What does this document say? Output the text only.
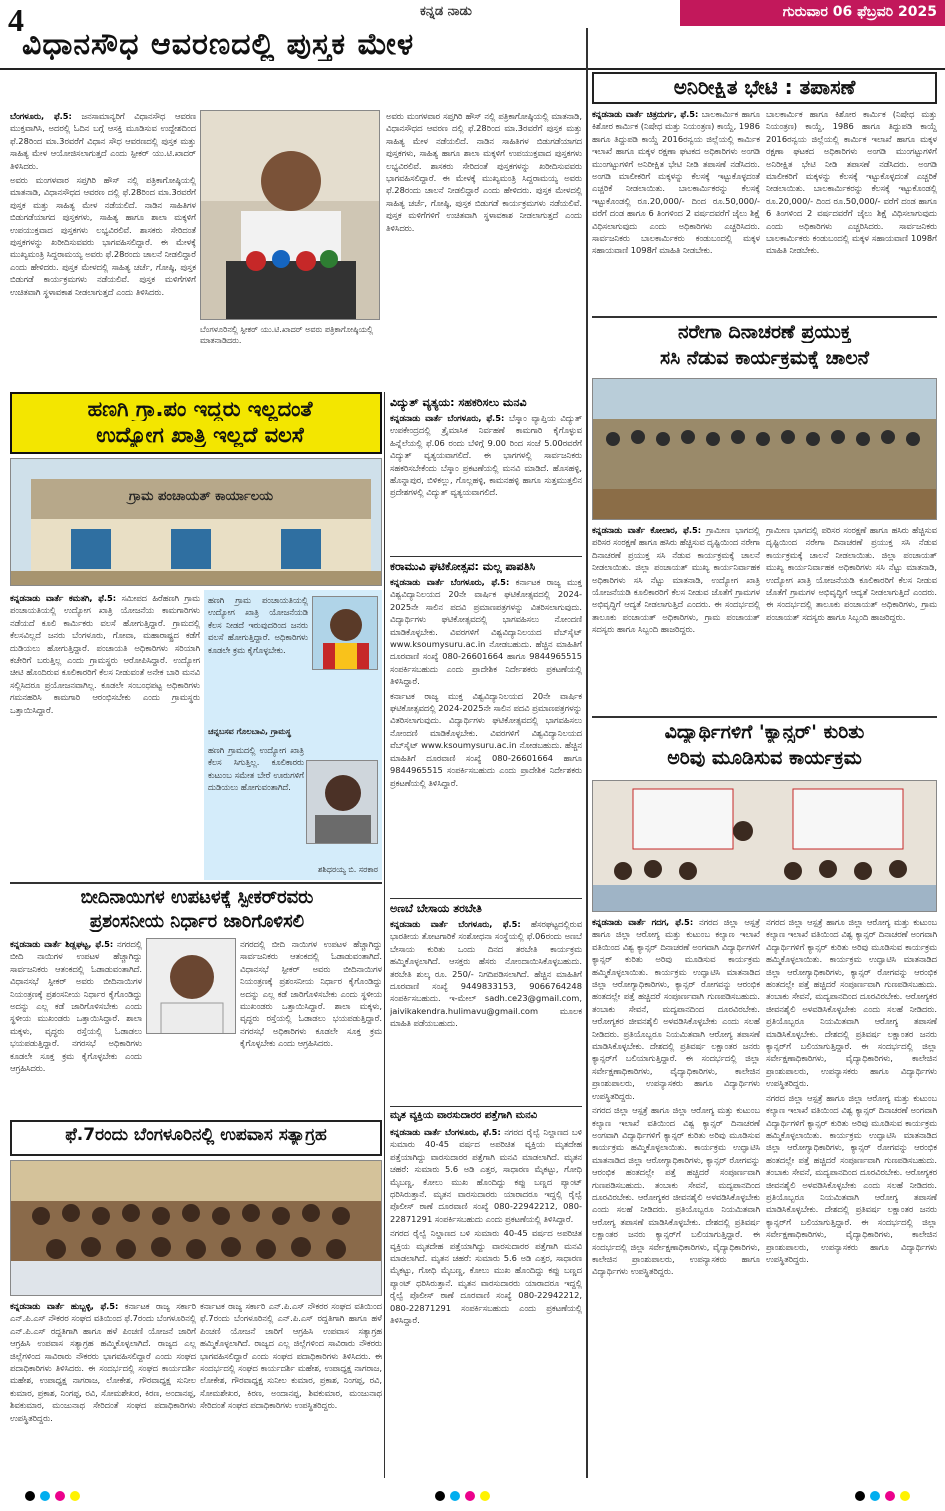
4	ಕನ್ನಡ ನಾಡು	ಗುರುವಾರ 06 ಫೆಬ್ರವರಿ 2025
ವಿಧಾನಸೌಧ ಆವರಣದಲ್ಲಿ ಪುಸ್ತಕ ಮೇಳ

ಬೆಂಗಳೂರು, ಫೆ.5: ಜನಸಾಮಾನ್ಯರಿಗೆ ವಿಧಾನಸೌಧ ಆವರಣ ಮುಕ್ತವಾಗಿಸಿ, ಅದರಲ್ಲಿ ಓದಿನ ಬಗ್ಗೆ ಆಸಕ್ತಿ ಮೂಡಿಸುವ ಉದ್ದೇಶದಿಂದ ಫೆ.28ರಿಂದ ಮಾ.3ರವರೆಗೆ ವಿಧಾನ ಸೌಧ ಆವರಣದಲ್ಲಿ ಪುಸ್ತಕ ಮತ್ತು ಸಾಹಿತ್ಯ ಮೇಳ ಆಯೋಜಿಸಲಾಗುತ್ತದೆ ಎಂದು ಸ್ಪೀಕರ್ ಯು.ಟಿ.ಖಾದರ್ ತಿಳಿಸಿದರು.

ಅವರು ಮಂಗಳವಾರ ಸಪ್ತಗಿರಿ ಹೌಸ್ ನಲ್ಲಿ ಪತ್ರಿಕಾಗೋಷ್ಠಿಯಲ್ಲಿ ಮಾತನಾಡಿ, ವಿಧಾನಸೌಧದ ಆವರಣ ದಲ್ಲಿ ಫೆ.28ರಿಂದ ಮಾ.3ರವರೆಗೆ ಪುಸ್ತಕ ಮತ್ತು ಸಾಹಿತ್ಯ ಮೇಳ ನಡೆಯಲಿದೆ. ನಾಡಿನ ಸಾಹಿತಿಗಳ ಬಿಡುಗಡೆಯಾಗದ ಪುಸ್ತಕಗಳು, ಸಾಹಿತ್ಯ ಹಾಗೂ ಶಾಲಾ ಮಕ್ಕಳಿಗೆ ಉಪಯುಕ್ತವಾದ ಪುಸ್ತಕಗಳು ಲಭ್ಯವಿರಲಿವೆ. ಶಾಸಕರು ಸೇರಿದಂತೆ ಪುಸ್ತಕಗಳನ್ನು ಖರೀದಿಸುವವರು ಭಾಗವಹಿಸಲಿದ್ದಾರೆ. ಈ ಮೇಳಕ್ಕೆ ಮುಖ್ಯಮಂತ್ರಿ ಸಿದ್ದರಾಮಯ್ಯ ಅವರು ಫೆ.28ರಂದು ಚಾಲನೆ ನೀಡಲಿದ್ದಾರೆ ಎಂದು ಹೇಳಿದರು. ಪುಸ್ತಕ ಮೇಳದಲ್ಲಿ ಸಾಹಿತ್ಯ ಚರ್ಚೆ, ಗೋಷ್ಠಿ, ಪುಸ್ತಕ ಬಿಡುಗಡೆ ಕಾರ್ಯಕ್ರಮಗಳು ನಡೆಯಲಿವೆ. ಪುಸ್ತಕ ಮಳಿಗೆಗಳಿಗೆ ಉಚಿತವಾಗಿ ಸ್ಥಳಾವಕಾಶ ನೀಡಲಾಗುತ್ತದೆ ಎಂದು ತಿಳಿಸಿದರು.

ಬೆಂಗಳೂರಿನಲ್ಲಿ ಸ್ಪೀಕರ್ ಯು.ಟಿ.ಖಾದರ್ ಅವರು ಪತ್ರಿಕಾಗೋಷ್ಠಿಯಲ್ಲಿ ಮಾತನಾಡಿದರು.

ಅವರು ಮಂಗಳವಾರ ಸಪ್ತಗಿರಿ ಹೌಸ್ ನಲ್ಲಿ ಪತ್ರಿಕಾಗೋಷ್ಠಿಯಲ್ಲಿ ಮಾತನಾಡಿ, ವಿಧಾನಸೌಧದ ಆವರಣ ದಲ್ಲಿ ಫೆ.28ರಿಂದ ಮಾ.3ರವರೆಗೆ ಪುಸ್ತಕ ಮತ್ತು ಸಾಹಿತ್ಯ ಮೇಳ ನಡೆಯಲಿದೆ. ನಾಡಿನ ಸಾಹಿತಿಗಳ ಬಿಡುಗಡೆಯಾಗದ ಪುಸ್ತಕಗಳು, ಸಾಹಿತ್ಯ ಹಾಗೂ ಶಾಲಾ ಮಕ್ಕಳಿಗೆ ಉಪಯುಕ್ತವಾದ ಪುಸ್ತಕಗಳು ಲಭ್ಯವಿರಲಿವೆ. ಶಾಸಕರು ಸೇರಿದಂತೆ ಪುಸ್ತಕಗಳನ್ನು ಖರೀದಿಸುವವರು ಭಾಗವಹಿಸಲಿದ್ದಾರೆ. ಈ ಮೇಳಕ್ಕೆ ಮುಖ್ಯಮಂತ್ರಿ ಸಿದ್ದರಾಮಯ್ಯ ಅವರು ಫೆ.28ರಂದು ಚಾಲನೆ ನೀಡಲಿದ್ದಾರೆ ಎಂದು ಹೇಳಿದರು. ಪುಸ್ತಕ ಮೇಳದಲ್ಲಿ ಸಾಹಿತ್ಯ ಚರ್ಚೆ, ಗೋಷ್ಠಿ, ಪುಸ್ತಕ ಬಿಡುಗಡೆ ಕಾರ್ಯಕ್ರಮಗಳು ನಡೆಯಲಿವೆ. ಪುಸ್ತಕ ಮಳಿಗೆಗಳಿಗೆ ಉಚಿತವಾಗಿ ಸ್ಥಳಾವಕಾಶ ನೀಡಲಾಗುತ್ತದೆ ಎಂದು ತಿಳಿಸಿದರು.

ಹಣಗಿ ಗ್ರಾ.ಪಂ ಇದ್ದರು ಇಲ್ಲದಂತೆ
ಉದ್ಯೋಗ ಖಾತ್ರಿ ಇಲ್ಲದೆ ವಲಸೆ
ಗ್ರಾಮ ಪಂಚಾಯತ್ ಕಾರ್ಯಾಲಯ

ಕನ್ನಡನಾಡು ವಾರ್ತೆ ಕಮತಗಿ, ಫೆ.5: ಸಮೀಪದ ಹಿರೆಹಣಗಿ ಗ್ರಾಮ ಪಂಚಾಯತಿಯಲ್ಲಿ ಉದ್ಯೋಗ ಖಾತ್ರಿ ಯೋಜನೆಯ ಕಾಮಗಾರಿಗಳು ನಡೆಯದೆ ಕೂಲಿ ಕಾರ್ಮಿಕರು ವಲಸೆ ಹೋಗುತ್ತಿದ್ದಾರೆ. ಗ್ರಾಮದಲ್ಲಿ ಕೆಲಸವಿಲ್ಲದೆ ಜನರು ಬೆಂಗಳೂರು, ಗೋವಾ, ಮಹಾರಾಷ್ಟ್ರದ ಕಡೆಗೆ ದುಡಿಯಲು ಹೋಗುತ್ತಿದ್ದಾರೆ. ಪಂಚಾಯತಿ ಅಧಿಕಾರಿಗಳು ಸರಿಯಾಗಿ ಕಚೇರಿಗೆ ಬರುತ್ತಿಲ್ಲ ಎಂದು ಗ್ರಾಮಸ್ಥರು ಆರೋಪಿಸಿದ್ದಾರೆ. ಉದ್ಯೋಗ ಚೀಟಿ ಹೊಂದಿರುವ ಕೂಲಿಕಾರರಿಗೆ ಕೆಲಸ ನೀಡುವಂತೆ ಅನೇಕ ಬಾರಿ ಮನವಿ ಸಲ್ಲಿಸಿದರೂ ಪ್ರಯೋಜನವಾಗಿಲ್ಲ. ಕೂಡಲೇ ಸಂಬಂಧಪಟ್ಟ ಅಧಿಕಾರಿಗಳು ಗಮನಹರಿಸಿ ಕಾಮಗಾರಿ ಆರಂಭಿಸಬೇಕು ಎಂದು ಗ್ರಾಮಸ್ಥರು ಒತ್ತಾಯಿಸಿದ್ದಾರೆ.

ಹಣಗಿ ಗ್ರಾಮ ಪಂಚಾಯತಿಯಲ್ಲಿ ಉದ್ಯೋಗ ಖಾತ್ರಿ ಯೋಜನೆಯಡಿ ಕೆಲಸ ನೀಡದೆ ಇರುವುದರಿಂದ ಜನರು ವಲಸೆ ಹೋಗುತ್ತಿದ್ದಾರೆ. ಅಧಿಕಾರಿಗಳು ಕೂಡಲೇ ಕ್ರಮ ಕೈಗೊಳ್ಳಬೇಕು.
ಚನ್ನಬಸವ ಗೊಲಬಾವಿ, ಗ್ರಾಮಸ್ಥ
ಹಣಗಿ ಗ್ರಾಮದಲ್ಲಿ ಉದ್ಯೋಗ ಖಾತ್ರಿ ಕೆಲಸ ಸಿಗುತ್ತಿಲ್ಲ. ಕೂಲಿಕಾರರು ಕುಟುಂಬ ಸಮೇತ ಬೇರೆ ಊರುಗಳಿಗೆ ದುಡಿಯಲು ಹೋಗುವಂತಾಗಿದೆ.
ಶಶಿಧರಯ್ಯ ಬಿ. ಸರಕಾರ
ಬೀದಿನಾಯಿಗಳ ಉಪಟಳಕ್ಕೆ ಸ್ಪೀಕರ್‌ರವರು
ಪ್ರಶಂಸನೀಯ ನಿರ್ಧಾರ ಜಾರಿಗೊಳಿಸಲಿ

ಕನ್ನಡನಾಡು ವಾರ್ತೆ ಶಿಡ್ಲಘಟ್ಟ, ಫೆ.5: ನಗರದಲ್ಲಿ ಬೀದಿ ನಾಯಿಗಳ ಉಪಟಳ ಹೆಚ್ಚಾಗಿದ್ದು ಸಾರ್ವಜನಿಕರು ಆತಂಕದಲ್ಲಿ ಓಡಾಡುವಂತಾಗಿದೆ. ವಿಧಾನಸಭೆ ಸ್ಪೀಕರ್ ಅವರು ಬೀದಿನಾಯಿಗಳ ನಿಯಂತ್ರಣಕ್ಕೆ ಪ್ರಶಂಸನೀಯ ನಿರ್ಧಾರ ಕೈಗೊಂಡಿದ್ದು ಅದನ್ನು ಎಲ್ಲ ಕಡೆ ಜಾರಿಗೊಳಿಸಬೇಕು ಎಂದು ಸ್ಥಳೀಯ ಮುಖಂಡರು ಒತ್ತಾಯಿಸಿದ್ದಾರೆ. ಶಾಲಾ ಮಕ್ಕಳು, ವೃದ್ಧರು ರಸ್ತೆಯಲ್ಲಿ ಓಡಾಡಲು ಭಯಪಡುತ್ತಿದ್ದಾರೆ. ನಗರಸಭೆ ಅಧಿಕಾರಿಗಳು ಕೂಡಲೇ ಸೂಕ್ತ ಕ್ರಮ ಕೈಗೊಳ್ಳಬೇಕು ಎಂದು ಆಗ್ರಹಿಸಿದರು.

ನಗರದಲ್ಲಿ ಬೀದಿ ನಾಯಿಗಳ ಉಪಟಳ ಹೆಚ್ಚಾಗಿದ್ದು ಸಾರ್ವಜನಿಕರು ಆತಂಕದಲ್ಲಿ ಓಡಾಡುವಂತಾಗಿದೆ. ವಿಧಾನಸಭೆ ಸ್ಪೀಕರ್ ಅವರು ಬೀದಿನಾಯಿಗಳ ನಿಯಂತ್ರಣಕ್ಕೆ ಪ್ರಶಂಸನೀಯ ನಿರ್ಧಾರ ಕೈಗೊಂಡಿದ್ದು ಅದನ್ನು ಎಲ್ಲ ಕಡೆ ಜಾರಿಗೊಳಿಸಬೇಕು ಎಂದು ಸ್ಥಳೀಯ ಮುಖಂಡರು ಒತ್ತಾಯಿಸಿದ್ದಾರೆ. ಶಾಲಾ ಮಕ್ಕಳು, ವೃದ್ಧರು ರಸ್ತೆಯಲ್ಲಿ ಓಡಾಡಲು ಭಯಪಡುತ್ತಿದ್ದಾರೆ. ನಗರಸಭೆ ಅಧಿಕಾರಿಗಳು ಕೂಡಲೇ ಸೂಕ್ತ ಕ್ರಮ ಕೈಗೊಳ್ಳಬೇಕು ಎಂದು ಆಗ್ರಹಿಸಿದರು.

ಫೆ.7ರಂದು ಬೆಂಗಳೂರಿನಲ್ಲಿ ಉಪವಾಸ ಸತ್ಯಾಗ್ರಹ

ಕನ್ನಡನಾಡು ವಾರ್ತೆ ಹುಬ್ಬಳ್ಳಿ, ಫೆ.5: ಕರ್ನಾಟಕ ರಾಜ್ಯ ಸರ್ಕಾರಿ ಎನ್.ಪಿ.ಎಸ್ ನೌಕರರ ಸಂಘದ ವತಿಯಿಂದ ಫೆ.7ರಂದು ಬೆಂಗಳೂರಿನಲ್ಲಿ ಎನ್.ಪಿ.ಎಸ್ ರದ್ದತಿಗಾಗಿ ಹಾಗೂ ಹಳೆ ಪಿಂಚಣಿ ಯೋಜನೆ ಜಾರಿಗೆ ಆಗ್ರಹಿಸಿ ಉಪವಾಸ ಸತ್ಯಾಗ್ರಹ ಹಮ್ಮಿಕೊಳ್ಳಲಾಗಿದೆ. ರಾಜ್ಯದ ಎಲ್ಲ ಜಿಲ್ಲೆಗಳಿಂದ ಸಾವಿರಾರು ನೌಕರರು ಭಾಗವಹಿಸಲಿದ್ದಾರೆ ಎಂದು ಸಂಘದ ಪದಾಧಿಕಾರಿಗಳು ತಿಳಿಸಿದರು. ಈ ಸಂದರ್ಭದಲ್ಲಿ ಸಂಘದ ಕಾರ್ಯದರ್ಶಿ ಮಹೇಶ, ಉಪಾಧ್ಯಕ್ಷ ನಾಗರಾಜ, ಲೋಕೇಶ, ಗೌರವಾಧ್ಯಕ್ಷ ಸುನೀಲ ಕುಮಾರ, ಪ್ರಕಾಶ, ನಿಂಗಪ್ಪ, ರವಿ, ಸೋಮಶೇಖರ, ಕಿರಣ, ಅಂದಾನಪ್ಪ, ಶಿವಕುಮಾರ, ಮಂಜುನಾಥ ಸೇರಿದಂತೆ ಸಂಘದ ಪದಾಧಿಕಾರಿಗಳು ಉಪಸ್ಥಿತರಿದ್ದರು.

ಕರ್ನಾಟಕ ರಾಜ್ಯ ಸರ್ಕಾರಿ ಎನ್.ಪಿ.ಎಸ್ ನೌಕರರ ಸಂಘದ ವತಿಯಿಂದ ಫೆ.7ರಂದು ಬೆಂಗಳೂರಿನಲ್ಲಿ ಎನ್.ಪಿ.ಎಸ್ ರದ್ದತಿಗಾಗಿ ಹಾಗೂ ಹಳೆ ಪಿಂಚಣಿ ಯೋಜನೆ ಜಾರಿಗೆ ಆಗ್ರಹಿಸಿ ಉಪವಾಸ ಸತ್ಯಾಗ್ರಹ ಹಮ್ಮಿಕೊಳ್ಳಲಾಗಿದೆ. ರಾಜ್ಯದ ಎಲ್ಲ ಜಿಲ್ಲೆಗಳಿಂದ ಸಾವಿರಾರು ನೌಕರರು ಭಾಗವಹಿಸಲಿದ್ದಾರೆ ಎಂದು ಸಂಘದ ಪದಾಧಿಕಾರಿಗಳು ತಿಳಿಸಿದರು. ಈ ಸಂದರ್ಭದಲ್ಲಿ ಸಂಘದ ಕಾರ್ಯದರ್ಶಿ ಮಹೇಶ, ಉಪಾಧ್ಯಕ್ಷ ನಾಗರಾಜ, ಲೋಕೇಶ, ಗೌರವಾಧ್ಯಕ್ಷ ಸುನೀಲ ಕುಮಾರ, ಪ್ರಕಾಶ, ನಿಂಗಪ್ಪ, ರವಿ, ಸೋಮಶೇಖರ, ಕಿರಣ, ಅಂದಾನಪ್ಪ, ಶಿವಕುಮಾರ, ಮಂಜುನಾಥ ಸೇರಿದಂತೆ ಸಂಘದ ಪದಾಧಿಕಾರಿಗಳು ಉಪಸ್ಥಿತರಿದ್ದರು.

ವಿದ್ಯುತ್ ವ್ಯತ್ಯಯ: ಸಹಕರಿಸಲು ಮನವಿ

ಕನ್ನಡನಾಡು ವಾರ್ತೆ ಬೆಂಗಳೂರು, ಫೆ.5: ಬೆಸ್ಕಾಂ ವ್ಯಾಪ್ತಿಯ ವಿದ್ಯುತ್ ಉಪಕೇಂದ್ರದಲ್ಲಿ ತ್ರೈಮಾಸಿಕ ನಿರ್ವಹಣೆ ಕಾಮಗಾರಿ ಕೈಗೊಳ್ಳುವ ಹಿನ್ನೆಲೆಯಲ್ಲಿ ಫೆ.06 ರಂದು ಬೆಳಿಗ್ಗೆ 9.00 ರಿಂದ ಸಂಜೆ 5.00ರವರೆಗೆ ವಿದ್ಯುತ್ ವ್ಯತ್ಯಯವಾಗಲಿದೆ. ಈ ಭಾಗಗಳಲ್ಲಿ ಸಾರ್ವಜನಿಕರು ಸಹಕರಿಸಬೇಕೆಂದು ಬೆಸ್ಕಾಂ ಪ್ರಕಟಣೆಯಲ್ಲಿ ಮನವಿ ಮಾಡಿದೆ. ಹೊಸಹಳ್ಳಿ, ಹೊನ್ನಾಪುರ, ಬಿಳಿಕಲ್ಲು, ಗೊಲ್ಲಹಳ್ಳಿ, ಕಾಮನಹಳ್ಳಿ ಹಾಗೂ ಸುತ್ತಮುತ್ತಲಿನ ಪ್ರದೇಶಗಳಲ್ಲಿ ವಿದ್ಯುತ್ ವ್ಯತ್ಯಯವಾಗಲಿದೆ.

ಕರಾಮುವಿ ಘಟಿಕೋತ್ಸವ: ಮಲ್ಲ ಪಾಪತಿಸಿ

ಕನ್ನಡನಾಡು ವಾರ್ತೆ ಬೆಂಗಳೂರು, ಫೆ.5: ಕರ್ನಾಟಕ ರಾಜ್ಯ ಮುಕ್ತ ವಿಶ್ವವಿದ್ಯಾನಿಲಯದ 20ನೇ ವಾರ್ಷಿಕ ಘಟಿಕೋತ್ಸವದಲ್ಲಿ 2024-2025ನೇ ಸಾಲಿನ ಪದವಿ ಪ್ರಮಾಣಪತ್ರಗಳನ್ನು ವಿತರಿಸಲಾಗುವುದು. ವಿದ್ಯಾರ್ಥಿಗಳು ಘಟಿಕೋತ್ಸವದಲ್ಲಿ ಭಾಗವಹಿಸಲು ನೋಂದಣಿ ಮಾಡಿಕೊಳ್ಳಬೇಕು. ವಿವರಗಳಿಗೆ ವಿಶ್ವವಿದ್ಯಾನಿಲಯದ ವೆಬ್‌ಸೈಟ್ www.ksoumysuru.ac.in ನೋಡಬಹುದು. ಹೆಚ್ಚಿನ ಮಾಹಿತಿಗೆ ದೂರವಾಣಿ ಸಂಖ್ಯೆ 080-26601664 ಹಾಗೂ 9844965515 ಸಂಪರ್ಕಿಸಬಹುದು ಎಂದು ಪ್ರಾದೇಶಿಕ ನಿರ್ದೇಶಕರು ಪ್ರಕಟಣೆಯಲ್ಲಿ ತಿಳಿಸಿದ್ದಾರೆ.

ಕರ್ನಾಟಕ ರಾಜ್ಯ ಮುಕ್ತ ವಿಶ್ವವಿದ್ಯಾನಿಲಯದ 20ನೇ ವಾರ್ಷಿಕ ಘಟಿಕೋತ್ಸವದಲ್ಲಿ 2024-2025ನೇ ಸಾಲಿನ ಪದವಿ ಪ್ರಮಾಣಪತ್ರಗಳನ್ನು ವಿತರಿಸಲಾಗುವುದು. ವಿದ್ಯಾರ್ಥಿಗಳು ಘಟಿಕೋತ್ಸವದಲ್ಲಿ ಭಾಗವಹಿಸಲು ನೋಂದಣಿ ಮಾಡಿಕೊಳ್ಳಬೇಕು. ವಿವರಗಳಿಗೆ ವಿಶ್ವವಿದ್ಯಾನಿಲಯದ ವೆಬ್‌ಸೈಟ್ www.ksoumysuru.ac.in ನೋಡಬಹುದು. ಹೆಚ್ಚಿನ ಮಾಹಿತಿಗೆ ದೂರವಾಣಿ ಸಂಖ್ಯೆ 080-26601664 ಹಾಗೂ 9844965515 ಸಂಪರ್ಕಿಸಬಹುದು ಎಂದು ಪ್ರಾದೇಶಿಕ ನಿರ್ದೇಶಕರು ಪ್ರಕಟಣೆಯಲ್ಲಿ ತಿಳಿಸಿದ್ದಾರೆ.

ಅಣಬೆ ಬೇಸಾಯ ತರಬೇತಿ

ಕನ್ನಡನಾಡು ವಾರ್ತೆ ಬೆಂಗಳೂರು, ಫೆ.5: ಹೆಸರಘಟ್ಟದಲ್ಲಿರುವ ಭಾರತೀಯ ತೋಟಗಾರಿಕೆ ಸಂಶೋಧನಾ ಸಂಸ್ಥೆಯಲ್ಲಿ ಫೆ.06ರಂದು ಅಣಬೆ ಬೇಸಾಯ ಕುರಿತು ಒಂದು ದಿನದ ತರಬೇತಿ ಕಾರ್ಯಕ್ರಮ ಹಮ್ಮಿಕೊಳ್ಳಲಾಗಿದೆ. ಆಸಕ್ತರು ಹೆಸರು ನೋಂದಾಯಿಸಿಕೊಳ್ಳಬಹುದು. ತರಬೇತಿ ಶುಲ್ಕ ರೂ. 250/- ನಿಗದಿಪಡಿಸಲಾಗಿದೆ. ಹೆಚ್ಚಿನ ಮಾಹಿತಿಗೆ ದೂರವಾಣಿ ಸಂಖ್ಯೆ 9449833153, 9066764248 ಸಂಪರ್ಕಿಸಬಹುದು. ಇ-ಮೇಲ್ sadh.ce23@gmail.com, jaivikakendra.hulimavu@gmail.com ಮೂಲಕ ಮಾಹಿತಿ ಪಡೆಯಬಹುದು.

ಮೃತ ವ್ಯಕ್ತಿಯ ವಾರಸುದಾರರ ಪತ್ತೆಗಾಗಿ ಮನವಿ

ಕನ್ನಡನಾಡು ವಾರ್ತೆ ಬೆಂಗಳೂರು, ಫೆ.5: ನಗರದ ರೈಲ್ವೆ ನಿಲ್ದಾಣದ ಬಳಿ ಸುಮಾರು 40-45 ವರ್ಷದ ಅಪರಿಚಿತ ವ್ಯಕ್ತಿಯ ಮೃತದೇಹ ಪತ್ತೆಯಾಗಿದ್ದು ವಾರಸುದಾರರ ಪತ್ತೆಗಾಗಿ ಮನವಿ ಮಾಡಲಾಗಿದೆ. ಮೃತನ ಚಹರೆ: ಸುಮಾರು 5.6 ಅಡಿ ಎತ್ತರ, ಸಾಧಾರಣ ಮೈಕಟ್ಟು, ಗೋಧಿ ಮೈಬಣ್ಣ, ಕೋಲು ಮುಖ ಹೊಂದಿದ್ದು ಕಪ್ಪು ಬಣ್ಣದ ಪ್ಯಾಂಟ್ ಧರಿಸಿರುತ್ತಾನೆ. ಮೃತನ ವಾರಸುದಾರರು ಯಾರಾದರೂ ಇದ್ದಲ್ಲಿ ರೈಲ್ವೆ ಪೊಲೀಸ್ ಠಾಣೆ ದೂರವಾಣಿ ಸಂಖ್ಯೆ 080-22942212, 080-22871291 ಸಂಪರ್ಕಿಸಬಹುದು ಎಂದು ಪ್ರಕಟಣೆಯಲ್ಲಿ ತಿಳಿಸಿದ್ದಾರೆ.

ನಗರದ ರೈಲ್ವೆ ನಿಲ್ದಾಣದ ಬಳಿ ಸುಮಾರು 40-45 ವರ್ಷದ ಅಪರಿಚಿತ ವ್ಯಕ್ತಿಯ ಮೃತದೇಹ ಪತ್ತೆಯಾಗಿದ್ದು ವಾರಸುದಾರರ ಪತ್ತೆಗಾಗಿ ಮನವಿ ಮಾಡಲಾಗಿದೆ. ಮೃತನ ಚಹರೆ: ಸುಮಾರು 5.6 ಅಡಿ ಎತ್ತರ, ಸಾಧಾರಣ ಮೈಕಟ್ಟು, ಗೋಧಿ ಮೈಬಣ್ಣ, ಕೋಲು ಮುಖ ಹೊಂದಿದ್ದು ಕಪ್ಪು ಬಣ್ಣದ ಪ್ಯಾಂಟ್ ಧರಿಸಿರುತ್ತಾನೆ. ಮೃತನ ವಾರಸುದಾರರು ಯಾರಾದರೂ ಇದ್ದಲ್ಲಿ ರೈಲ್ವೆ ಪೊಲೀಸ್ ಠಾಣೆ ದೂರವಾಣಿ ಸಂಖ್ಯೆ 080-22942212, 080-22871291 ಸಂಪರ್ಕಿಸಬಹುದು ಎಂದು ಪ್ರಕಟಣೆಯಲ್ಲಿ ತಿಳಿಸಿದ್ದಾರೆ.

ಅನಿರೀಕ್ಷಿತ ಭೇಟಿ : ತಪಾಸಣೆ

ಕನ್ನಡನಾಡು ವಾರ್ತೆ ಚಿತ್ರದುರ್ಗ, ಫೆ.5: ಬಾಲಕಾರ್ಮಿಕ ಹಾಗೂ ಕಿಶೋರ ಕಾರ್ಮಿಕ (ನಿಷೇಧ ಮತ್ತು ನಿಯಂತ್ರಣ) ಕಾಯ್ದೆ, 1986 ಹಾಗೂ ತಿದ್ದುಪಡಿ ಕಾಯ್ದೆ 2016ರನ್ವಯ ಜಿಲ್ಲೆಯಲ್ಲಿ ಕಾರ್ಮಿಕ ಇಲಾಖೆ ಹಾಗೂ ಮಕ್ಕಳ ರಕ್ಷಣಾ ಘಟಕದ ಅಧಿಕಾರಿಗಳು ಅಂಗಡಿ ಮುಂಗಟ್ಟುಗಳಿಗೆ ಅನಿರೀಕ್ಷಿತ ಭೇಟಿ ನೀಡಿ ತಪಾಸಣೆ ನಡೆಸಿದರು. ಅಂಗಡಿ ಮಾಲೀಕರಿಗೆ ಮಕ್ಕಳನ್ನು ಕೆಲಸಕ್ಕೆ ಇಟ್ಟುಕೊಳ್ಳದಂತೆ ಎಚ್ಚರಿಕೆ ನೀಡಲಾಯಿತು. ಬಾಲಕಾರ್ಮಿಕರನ್ನು ಕೆಲಸಕ್ಕೆ ಇಟ್ಟುಕೊಂಡಲ್ಲಿ ರೂ.20,000/- ದಿಂದ ರೂ.50,000/- ವರೆಗೆ ದಂಡ ಹಾಗೂ 6 ತಿಂಗಳಿಂದ 2 ವರ್ಷದವರೆಗೆ ಜೈಲು ಶಿಕ್ಷೆ ವಿಧಿಸಲಾಗುವುದು ಎಂದು ಅಧಿಕಾರಿಗಳು ಎಚ್ಚರಿಸಿದರು. ಸಾರ್ವಜನಿಕರು ಬಾಲಕಾರ್ಮಿಕರು ಕಂಡುಬಂದಲ್ಲಿ ಮಕ್ಕಳ ಸಹಾಯವಾಣಿ 1098ಗೆ ಮಾಹಿತಿ ನೀಡಬೇಕು.

ಬಾಲಕಾರ್ಮಿಕ ಹಾಗೂ ಕಿಶೋರ ಕಾರ್ಮಿಕ (ನಿಷೇಧ ಮತ್ತು ನಿಯಂತ್ರಣ) ಕಾಯ್ದೆ, 1986 ಹಾಗೂ ತಿದ್ದುಪಡಿ ಕಾಯ್ದೆ 2016ರನ್ವಯ ಜಿಲ್ಲೆಯಲ್ಲಿ ಕಾರ್ಮಿಕ ಇಲಾಖೆ ಹಾಗೂ ಮಕ್ಕಳ ರಕ್ಷಣಾ ಘಟಕದ ಅಧಿಕಾರಿಗಳು ಅಂಗಡಿ ಮುಂಗಟ್ಟುಗಳಿಗೆ ಅನಿರೀಕ್ಷಿತ ಭೇಟಿ ನೀಡಿ ತಪಾಸಣೆ ನಡೆಸಿದರು. ಅಂಗಡಿ ಮಾಲೀಕರಿಗೆ ಮಕ್ಕಳನ್ನು ಕೆಲಸಕ್ಕೆ ಇಟ್ಟುಕೊಳ್ಳದಂತೆ ಎಚ್ಚರಿಕೆ ನೀಡಲಾಯಿತು. ಬಾಲಕಾರ್ಮಿಕರನ್ನು ಕೆಲಸಕ್ಕೆ ಇಟ್ಟುಕೊಂಡಲ್ಲಿ ರೂ.20,000/- ದಿಂದ ರೂ.50,000/- ವರೆಗೆ ದಂಡ ಹಾಗೂ 6 ತಿಂಗಳಿಂದ 2 ವರ್ಷದವರೆಗೆ ಜೈಲು ಶಿಕ್ಷೆ ವಿಧಿಸಲಾಗುವುದು ಎಂದು ಅಧಿಕಾರಿಗಳು ಎಚ್ಚರಿಸಿದರು. ಸಾರ್ವಜನಿಕರು ಬಾಲಕಾರ್ಮಿಕರು ಕಂಡುಬಂದಲ್ಲಿ ಮಕ್ಕಳ ಸಹಾಯವಾಣಿ 1098ಗೆ ಮಾಹಿತಿ ನೀಡಬೇಕು.

ನರೇಗಾ ದಿನಾಚರಣೆ ಪ್ರಯುಕ್ತ
ಸಸಿ ನೆಡುವ ಕಾರ್ಯಕ್ರಮಕ್ಕೆ ಚಾಲನೆ

ಕನ್ನಡನಾಡು ವಾರ್ತೆ ಕೋಲಾರ, ಫೆ.5: ಗ್ರಾಮೀಣ ಭಾಗದಲ್ಲಿ ಪರಿಸರ ಸಂರಕ್ಷಣೆ ಹಾಗೂ ಹಸಿರು ಹೆಚ್ಚಿಸುವ ದೃಷ್ಟಿಯಿಂದ ನರೇಗಾ ದಿನಾಚರಣೆ ಪ್ರಯುಕ್ತ ಸಸಿ ನೆಡುವ ಕಾರ್ಯಕ್ರಮಕ್ಕೆ ಚಾಲನೆ ನೀಡಲಾಯಿತು. ಜಿಲ್ಲಾ ಪಂಚಾಯತ್ ಮುಖ್ಯ ಕಾರ್ಯನಿರ್ವಾಹಕ ಅಧಿಕಾರಿಗಳು ಸಸಿ ನೆಟ್ಟು ಮಾತನಾಡಿ, ಉದ್ಯೋಗ ಖಾತ್ರಿ ಯೋಜನೆಯಡಿ ಕೂಲಿಕಾರರಿಗೆ ಕೆಲಸ ನೀಡುವ ಜೊತೆಗೆ ಗ್ರಾಮಗಳ ಅಭಿವೃದ್ಧಿಗೆ ಆದ್ಯತೆ ನೀಡಲಾಗುತ್ತಿದೆ ಎಂದರು. ಈ ಸಂದರ್ಭದಲ್ಲಿ ತಾಲೂಕು ಪಂಚಾಯತ್ ಅಧಿಕಾರಿಗಳು, ಗ್ರಾಮ ಪಂಚಾಯತ್ ಸದಸ್ಯರು ಹಾಗೂ ಸಿಬ್ಬಂದಿ ಹಾಜರಿದ್ದರು.

ಗ್ರಾಮೀಣ ಭಾಗದಲ್ಲಿ ಪರಿಸರ ಸಂರಕ್ಷಣೆ ಹಾಗೂ ಹಸಿರು ಹೆಚ್ಚಿಸುವ ದೃಷ್ಟಿಯಿಂದ ನರೇಗಾ ದಿನಾಚರಣೆ ಪ್ರಯುಕ್ತ ಸಸಿ ನೆಡುವ ಕಾರ್ಯಕ್ರಮಕ್ಕೆ ಚಾಲನೆ ನೀಡಲಾಯಿತು. ಜಿಲ್ಲಾ ಪಂಚಾಯತ್ ಮುಖ್ಯ ಕಾರ್ಯನಿರ್ವಾಹಕ ಅಧಿಕಾರಿಗಳು ಸಸಿ ನೆಟ್ಟು ಮಾತನಾಡಿ, ಉದ್ಯೋಗ ಖಾತ್ರಿ ಯೋಜನೆಯಡಿ ಕೂಲಿಕಾರರಿಗೆ ಕೆಲಸ ನೀಡುವ ಜೊತೆಗೆ ಗ್ರಾಮಗಳ ಅಭಿವೃದ್ಧಿಗೆ ಆದ್ಯತೆ ನೀಡಲಾಗುತ್ತಿದೆ ಎಂದರು. ಈ ಸಂದರ್ಭದಲ್ಲಿ ತಾಲೂಕು ಪಂಚಾಯತ್ ಅಧಿಕಾರಿಗಳು, ಗ್ರಾಮ ಪಂಚಾಯತ್ ಸದಸ್ಯರು ಹಾಗೂ ಸಿಬ್ಬಂದಿ ಹಾಜರಿದ್ದರು.

ವಿದ್ಯಾರ್ಥಿಗಳಿಗೆ 'ಕ್ಯಾನ್ಸರ್' ಕುರಿತು
ಅರಿವು ಮೂಡಿಸುವ ಕಾರ್ಯಕ್ರಮ

ಕನ್ನಡನಾಡು ವಾರ್ತೆ ಗದಗ, ಫೆ.5: ನಗರದ ಜಿಲ್ಲಾ ಆಸ್ಪತ್ರೆ ಹಾಗೂ ಜಿಲ್ಲಾ ಆರೋಗ್ಯ ಮತ್ತು ಕುಟುಂಬ ಕಲ್ಯಾಣ ಇಲಾಖೆ ವತಿಯಿಂದ ವಿಶ್ವ ಕ್ಯಾನ್ಸರ್ ದಿನಾಚರಣೆ ಅಂಗವಾಗಿ ವಿದ್ಯಾರ್ಥಿಗಳಿಗೆ ಕ್ಯಾನ್ಸರ್ ಕುರಿತು ಅರಿವು ಮೂಡಿಸುವ ಕಾರ್ಯಕ್ರಮ ಹಮ್ಮಿಕೊಳ್ಳಲಾಯಿತು. ಕಾರ್ಯಕ್ರಮ ಉದ್ಘಾಟಿಸಿ ಮಾತನಾಡಿದ ಜಿಲ್ಲಾ ಆರೋಗ್ಯಾಧಿಕಾರಿಗಳು, ಕ್ಯಾನ್ಸರ್ ರೋಗವನ್ನು ಆರಂಭಿಕ ಹಂತದಲ್ಲೇ ಪತ್ತೆ ಹಚ್ಚಿದರೆ ಸಂಪೂರ್ಣವಾಗಿ ಗುಣಪಡಿಸಬಹುದು. ತಂಬಾಕು ಸೇವನೆ, ಮದ್ಯಪಾನದಿಂದ ದೂರವಿರಬೇಕು. ಆರೋಗ್ಯಕರ ಜೀವನಶೈಲಿ ಅಳವಡಿಸಿಕೊಳ್ಳಬೇಕು ಎಂದು ಸಲಹೆ ನೀಡಿದರು. ಪ್ರತಿಯೊಬ್ಬರೂ ನಿಯಮಿತವಾಗಿ ಆರೋಗ್ಯ ತಪಾಸಣೆ ಮಾಡಿಸಿಕೊಳ್ಳಬೇಕು. ದೇಶದಲ್ಲಿ ಪ್ರತಿವರ್ಷ ಲಕ್ಷಾಂತರ ಜನರು ಕ್ಯಾನ್ಸರ್‌ಗೆ ಬಲಿಯಾಗುತ್ತಿದ್ದಾರೆ. ಈ ಸಂದರ್ಭದಲ್ಲಿ ಜಿಲ್ಲಾ ಸರ್ವೇಕ್ಷಣಾಧಿಕಾರಿಗಳು, ವೈದ್ಯಾಧಿಕಾರಿಗಳು, ಕಾಲೇಜಿನ ಪ್ರಾಂಶುಪಾಲರು, ಉಪನ್ಯಾಸಕರು ಹಾಗೂ ವಿದ್ಯಾರ್ಥಿಗಳು ಉಪಸ್ಥಿತರಿದ್ದರು.

ನಗರದ ಜಿಲ್ಲಾ ಆಸ್ಪತ್ರೆ ಹಾಗೂ ಜಿಲ್ಲಾ ಆರೋಗ್ಯ ಮತ್ತು ಕುಟುಂಬ ಕಲ್ಯಾಣ ಇಲಾಖೆ ವತಿಯಿಂದ ವಿಶ್ವ ಕ್ಯಾನ್ಸರ್ ದಿನಾಚರಣೆ ಅಂಗವಾಗಿ ವಿದ್ಯಾರ್ಥಿಗಳಿಗೆ ಕ್ಯಾನ್ಸರ್ ಕುರಿತು ಅರಿವು ಮೂಡಿಸುವ ಕಾರ್ಯಕ್ರಮ ಹಮ್ಮಿಕೊಳ್ಳಲಾಯಿತು. ಕಾರ್ಯಕ್ರಮ ಉದ್ಘಾಟಿಸಿ ಮಾತನಾಡಿದ ಜಿಲ್ಲಾ ಆರೋಗ್ಯಾಧಿಕಾರಿಗಳು, ಕ್ಯಾನ್ಸರ್ ರೋಗವನ್ನು ಆರಂಭಿಕ ಹಂತದಲ್ಲೇ ಪತ್ತೆ ಹಚ್ಚಿದರೆ ಸಂಪೂರ್ಣವಾಗಿ ಗುಣಪಡಿಸಬಹುದು. ತಂಬಾಕು ಸೇವನೆ, ಮದ್ಯಪಾನದಿಂದ ದೂರವಿರಬೇಕು. ಆರೋಗ್ಯಕರ ಜೀವನಶೈಲಿ ಅಳವಡಿಸಿಕೊಳ್ಳಬೇಕು ಎಂದು ಸಲಹೆ ನೀಡಿದರು. ಪ್ರತಿಯೊಬ್ಬರೂ ನಿಯಮಿತವಾಗಿ ಆರೋಗ್ಯ ತಪಾಸಣೆ ಮಾಡಿಸಿಕೊಳ್ಳಬೇಕು. ದೇಶದಲ್ಲಿ ಪ್ರತಿವರ್ಷ ಲಕ್ಷಾಂತರ ಜನರು ಕ್ಯಾನ್ಸರ್‌ಗೆ ಬಲಿಯಾಗುತ್ತಿದ್ದಾರೆ. ಈ ಸಂದರ್ಭದಲ್ಲಿ ಜಿಲ್ಲಾ ಸರ್ವೇಕ್ಷಣಾಧಿಕಾರಿಗಳು, ವೈದ್ಯಾಧಿಕಾರಿಗಳು, ಕಾಲೇಜಿನ ಪ್ರಾಂಶುಪಾಲರು, ಉಪನ್ಯಾಸಕರು ಹಾಗೂ ವಿದ್ಯಾರ್ಥಿಗಳು ಉಪಸ್ಥಿತರಿದ್ದರು.

ನಗರದ ಜಿಲ್ಲಾ ಆಸ್ಪತ್ರೆ ಹಾಗೂ ಜಿಲ್ಲಾ ಆರೋಗ್ಯ ಮತ್ತು ಕುಟುಂಬ ಕಲ್ಯಾಣ ಇಲಾಖೆ ವತಿಯಿಂದ ವಿಶ್ವ ಕ್ಯಾನ್ಸರ್ ದಿನಾಚರಣೆ ಅಂಗವಾಗಿ ವಿದ್ಯಾರ್ಥಿಗಳಿಗೆ ಕ್ಯಾನ್ಸರ್ ಕುರಿತು ಅರಿವು ಮೂಡಿಸುವ ಕಾರ್ಯಕ್ರಮ ಹಮ್ಮಿಕೊಳ್ಳಲಾಯಿತು. ಕಾರ್ಯಕ್ರಮ ಉದ್ಘಾಟಿಸಿ ಮಾತನಾಡಿದ ಜಿಲ್ಲಾ ಆರೋಗ್ಯಾಧಿಕಾರಿಗಳು, ಕ್ಯಾನ್ಸರ್ ರೋಗವನ್ನು ಆರಂಭಿಕ ಹಂತದಲ್ಲೇ ಪತ್ತೆ ಹಚ್ಚಿದರೆ ಸಂಪೂರ್ಣವಾಗಿ ಗುಣಪಡಿಸಬಹುದು. ತಂಬಾಕು ಸೇವನೆ, ಮದ್ಯಪಾನದಿಂದ ದೂರವಿರಬೇಕು. ಆರೋಗ್ಯಕರ ಜೀವನಶೈಲಿ ಅಳವಡಿಸಿಕೊಳ್ಳಬೇಕು ಎಂದು ಸಲಹೆ ನೀಡಿದರು. ಪ್ರತಿಯೊಬ್ಬರೂ ನಿಯಮಿತವಾಗಿ ಆರೋಗ್ಯ ತಪಾಸಣೆ ಮಾಡಿಸಿಕೊಳ್ಳಬೇಕು. ದೇಶದಲ್ಲಿ ಪ್ರತಿವರ್ಷ ಲಕ್ಷಾಂತರ ಜನರು ಕ್ಯಾನ್ಸರ್‌ಗೆ ಬಲಿಯಾಗುತ್ತಿದ್ದಾರೆ. ಈ ಸಂದರ್ಭದಲ್ಲಿ ಜಿಲ್ಲಾ ಸರ್ವೇಕ್ಷಣಾಧಿಕಾರಿಗಳು, ವೈದ್ಯಾಧಿಕಾರಿಗಳು, ಕಾಲೇಜಿನ ಪ್ರಾಂಶುಪಾಲರು, ಉಪನ್ಯಾಸಕರು ಹಾಗೂ ವಿದ್ಯಾರ್ಥಿಗಳು ಉಪಸ್ಥಿತರಿದ್ದರು.

ನಗರದ ಜಿಲ್ಲಾ ಆಸ್ಪತ್ರೆ ಹಾಗೂ ಜಿಲ್ಲಾ ಆರೋಗ್ಯ ಮತ್ತು ಕುಟುಂಬ ಕಲ್ಯಾಣ ಇಲಾಖೆ ವತಿಯಿಂದ ವಿಶ್ವ ಕ್ಯಾನ್ಸರ್ ದಿನಾಚರಣೆ ಅಂಗವಾಗಿ ವಿದ್ಯಾರ್ಥಿಗಳಿಗೆ ಕ್ಯಾನ್ಸರ್ ಕುರಿತು ಅರಿವು ಮೂಡಿಸುವ ಕಾರ್ಯಕ್ರಮ ಹಮ್ಮಿಕೊಳ್ಳಲಾಯಿತು. ಕಾರ್ಯಕ್ರಮ ಉದ್ಘಾಟಿಸಿ ಮಾತನಾಡಿದ ಜಿಲ್ಲಾ ಆರೋಗ್ಯಾಧಿಕಾರಿಗಳು, ಕ್ಯಾನ್ಸರ್ ರೋಗವನ್ನು ಆರಂಭಿಕ ಹಂತದಲ್ಲೇ ಪತ್ತೆ ಹಚ್ಚಿದರೆ ಸಂಪೂರ್ಣವಾಗಿ ಗುಣಪಡಿಸಬಹುದು. ತಂಬಾಕು ಸೇವನೆ, ಮದ್ಯಪಾನದಿಂದ ದೂರವಿರಬೇಕು. ಆರೋಗ್ಯಕರ ಜೀವನಶೈಲಿ ಅಳವಡಿಸಿಕೊಳ್ಳಬೇಕು ಎಂದು ಸಲಹೆ ನೀಡಿದರು. ಪ್ರತಿಯೊಬ್ಬರೂ ನಿಯಮಿತವಾಗಿ ಆರೋಗ್ಯ ತಪಾಸಣೆ ಮಾಡಿಸಿಕೊಳ್ಳಬೇಕು. ದೇಶದಲ್ಲಿ ಪ್ರತಿವರ್ಷ ಲಕ್ಷಾಂತರ ಜನರು ಕ್ಯಾನ್ಸರ್‌ಗೆ ಬಲಿಯಾಗುತ್ತಿದ್ದಾರೆ. ಈ ಸಂದರ್ಭದಲ್ಲಿ ಜಿಲ್ಲಾ ಸರ್ವೇಕ್ಷಣಾಧಿಕಾರಿಗಳು, ವೈದ್ಯಾಧಿಕಾರಿಗಳು, ಕಾಲೇಜಿನ ಪ್ರಾಂಶುಪಾಲರು, ಉಪನ್ಯಾಸಕರು ಹಾಗೂ ವಿದ್ಯಾರ್ಥಿಗಳು ಉಪಸ್ಥಿತರಿದ್ದರು.
